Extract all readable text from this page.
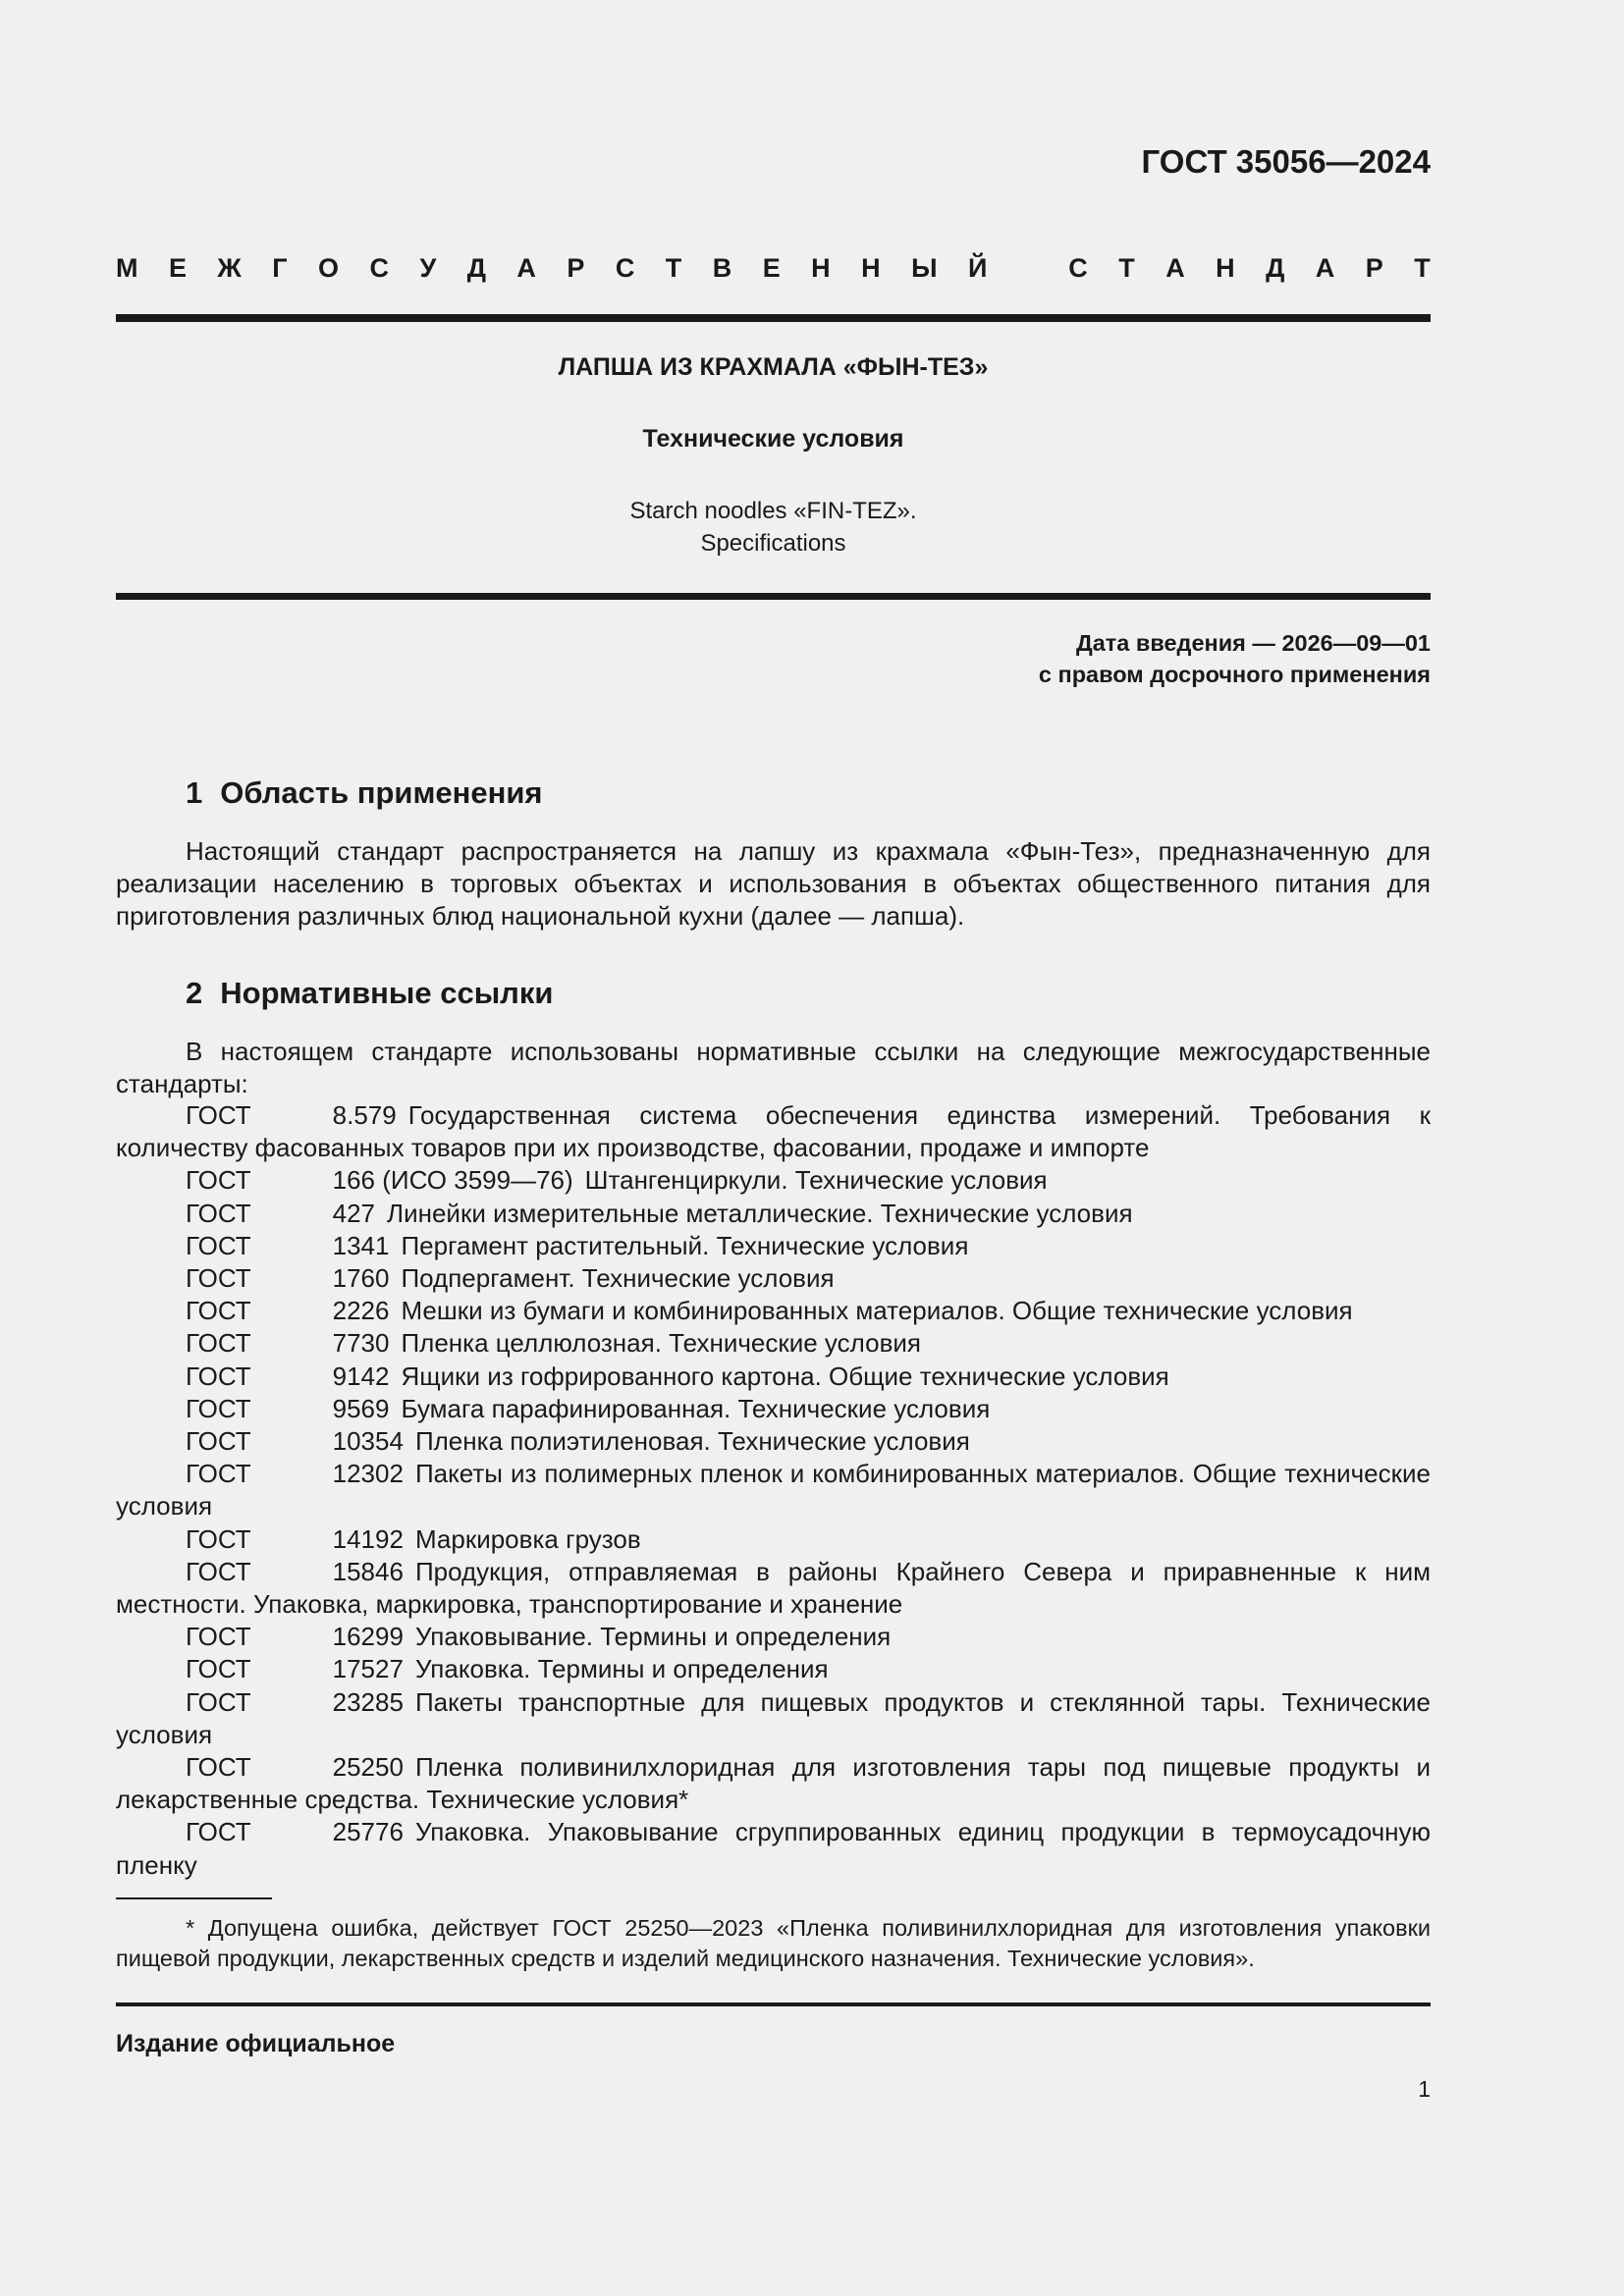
ГОСТ 35056—2024
М Е Ж Г О С У Д А Р С Т В Е Н Н Ы Й	С Т А Н Д А Р Т
ЛАПША ИЗ КРАХМАЛА «ФЫН-ТЕЗ»
Технические условия
Starch noodles «FIN-TEZ».
Specifications
Дата введения — 2026—09—01
с правом досрочного применения
1 Область применения

Настоящий стандарт распространяется на лапшу из крахмала «Фын-Тез», предназначенную для реализации населению в торговых объектах и использования в объектах общественного питания для приготовления различных блюд национальной кухни (далее — лапша).

2 Нормативные ссылки

В настоящем стандарте использованы нормативные ссылки на следующие межгосударственные стандарты:

ГОСТ	8.579 Государственная система обеспечения единства измерений. Требования к количеству фасованных товаров при их производстве, фасовании, продаже и импорте

ГОСТ	166 (ИСО 3599—76) Штангенциркули. Технические условия

ГОСТ	427 Линейки измерительные металлические. Технические условия

ГОСТ	1341 Пергамент растительный. Технические условия

ГОСТ	1760 Подпергамент. Технические условия

ГОСТ	2226 Мешки из бумаги и комбинированных материалов. Общие технические условия

ГОСТ	7730 Пленка целлюлозная. Технические условия

ГОСТ	9142 Ящики из гофрированного картона. Общие технические условия

ГОСТ	9569 Бумага парафинированная. Технические условия

ГОСТ	10354 Пленка полиэтиленовая. Технические условия

ГОСТ	12302 Пакеты из полимерных пленок и комбинированных материалов. Общие технические условия

ГОСТ	14192 Маркировка грузов

ГОСТ	15846 Продукция, отправляемая в районы Крайнего Севера и приравненные к ним местности. Упаковка, маркировка, транспортирование и хранение

ГОСТ	16299 Упаковывание. Термины и определения

ГОСТ	17527 Упаковка. Термины и определения

ГОСТ	23285 Пакеты транспортные для пищевых продуктов и стеклянной тары. Технические условия

ГОСТ	25250 Пленка поливинилхлоридная для изготовления тары под пищевые продукты и лекарственные средства. Технические условия*

ГОСТ	25776 Упаковка. Упаковывание сгруппированных единиц продукции в термоусадочную пленку

* Допущена ошибка, действует ГОСТ 25250—2023 «Пленка поливинилхлоридная для изготовления упаковки пищевой продукции, лекарственных средств и изделий медицинского назначения. Технические условия».

Издание официальное
1
